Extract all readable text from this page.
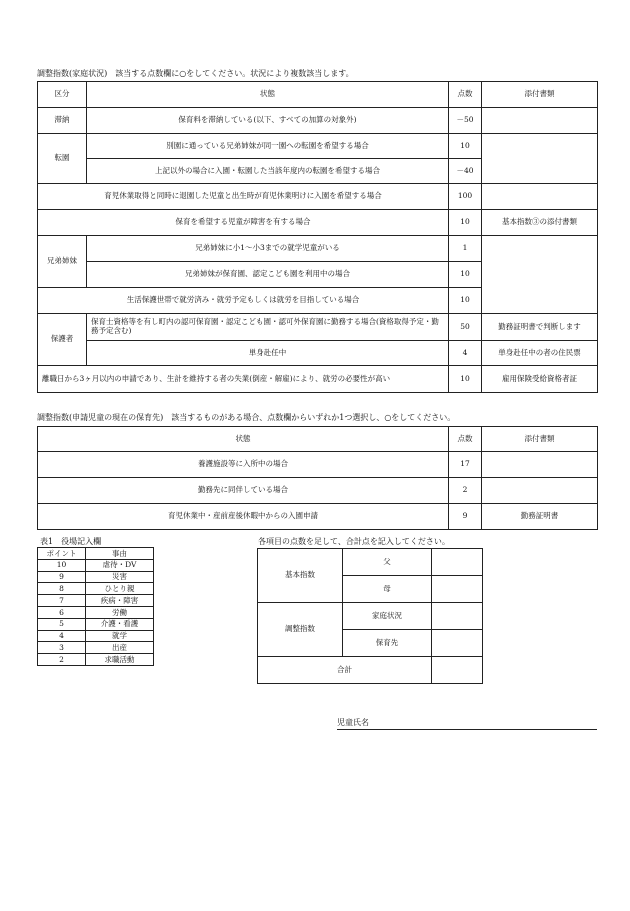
調整指数(家庭状況)　該当する点数欄に○をしてください。状況により複数該当します。
区分	状態	点数	添付書類
滞納	保育料を滞納している(以下、すべての加算の対象外)	－50	
転園	別園に通っている兄弟姉妹が同一園への転園を希望する場合	10	
	上記以外の場合に入園・転園した当該年度内の転園を希望する場合	－40	
育児休業取得と同時に退園した児童と出生時が育児休業明けに入園を希望する場合		100	
保育を希望する児童が障害を有する場合		10	基本指数③の添付書類
兄弟姉妹	兄弟姉妹に小1～小3までの就学児童がいる	1	
	兄弟姉妹が保育園、認定こども園を利用中の場合	10	
生活保護世帯で就労済み・就労予定もしくは就労を目指している場合		10	
保護者	保育士資格等を有し町内の認可保育園・認定こども園・認可外保育園に勤務する場合(資格取得予定・勤務予定含む)	50	勤務証明書で判断します
	単身赴任中	4	単身赴任中の者の住民票
離職日から3ヶ月以内の申請であり、生計を維持する者の失業(倒産・解雇)により、就労の必要性が高い		10	雇用保険受給資格者証
調整指数(申請児童の現在の保育先)　該当するものがある場合、点数欄からいずれか1つ選択し、○をしてください。
状態	点数	添付書類
養護施設等に入所中の場合	17	
勤務先に同伴している場合	2	
育児休業中・産前産後休暇中からの入園申請	9	勤務証明書
表1　役場記入欄
ポイント	事由
10	虐待・DV
9	災害
8	ひとり親
7	疾病・障害
6	労働
5	介護・看護
4	就学
3	出産
2	求職活動
各項目の点数を足して、合計点を記入してください。
基本指数	父	
	母	
調整指数	家庭状況	
	保育先	
合計		
児童氏名
